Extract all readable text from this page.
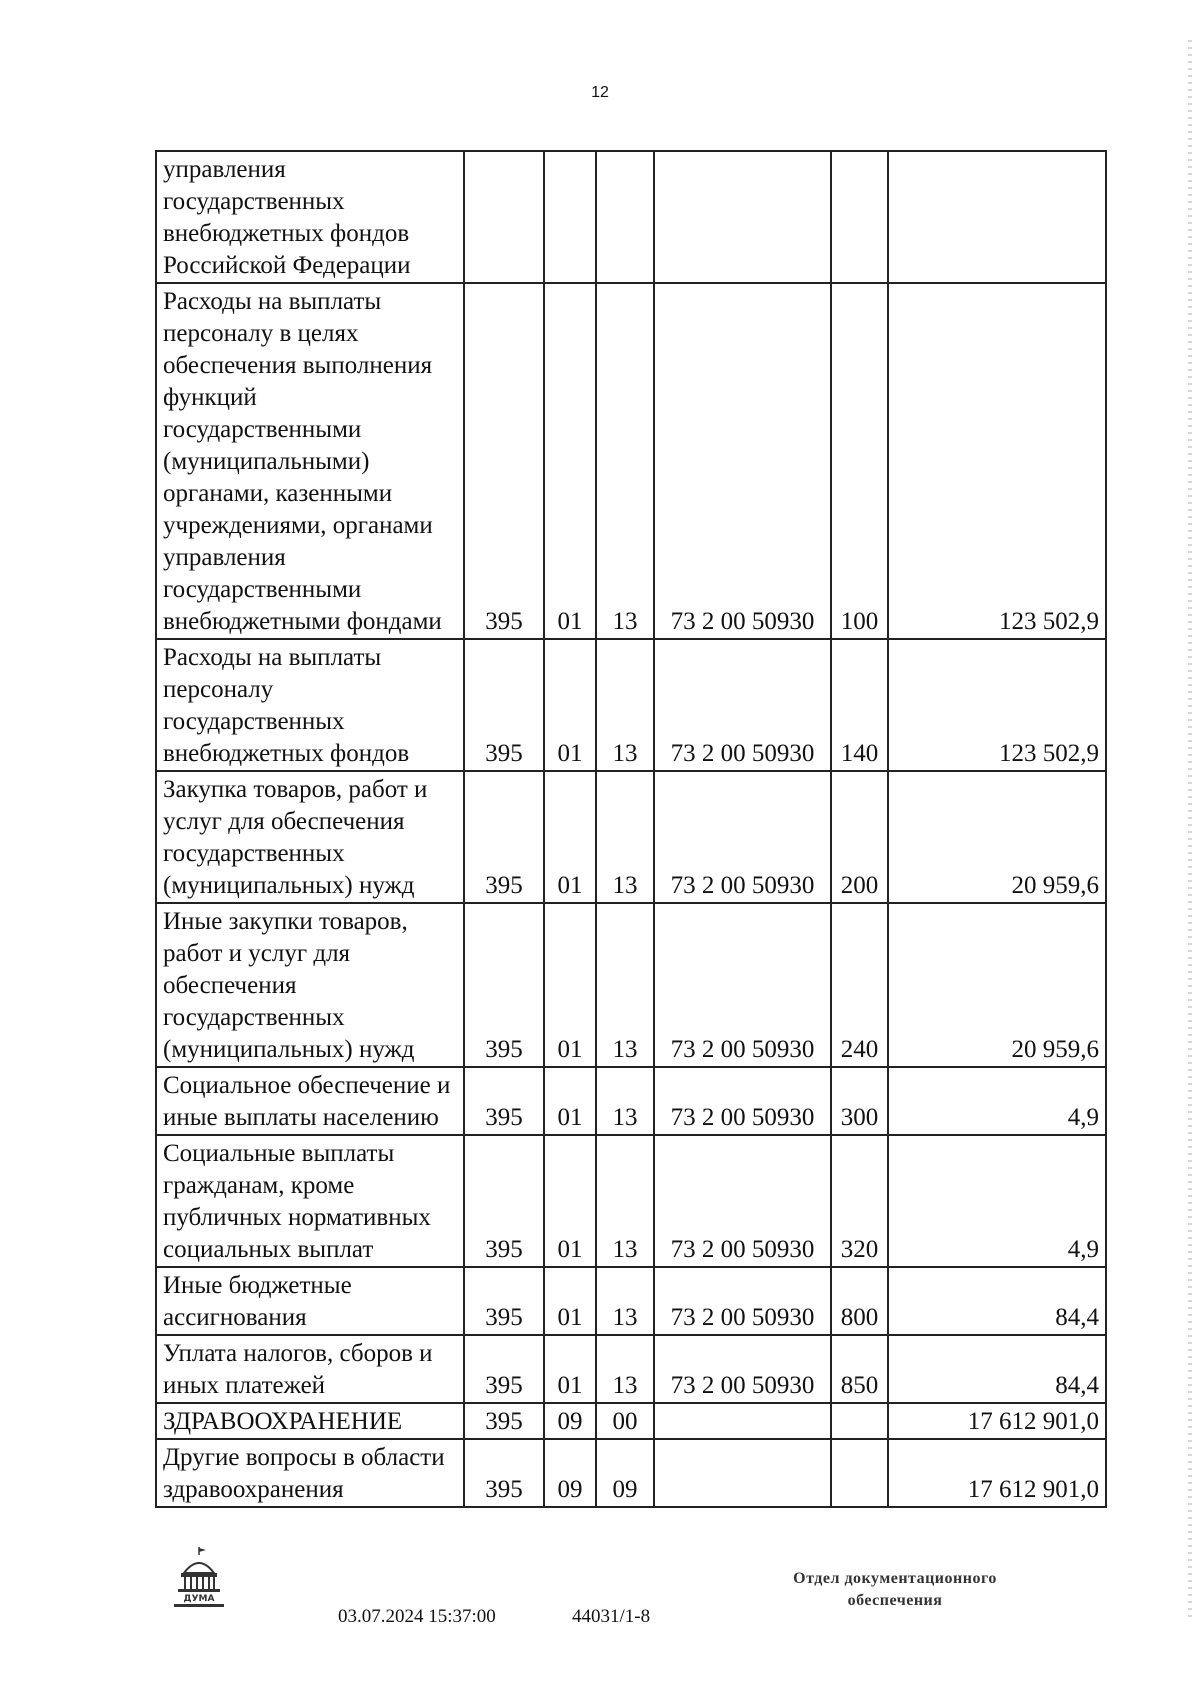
12
управления государственных внебюджетных фондов Российской Федерации						
Расходы на выплаты персоналу в целях обеспечения выполнения функций государственными (муниципальными) органами, казенными учреждениями, органами управления государственными внебюджетными фондами	395	01	13	73 2 00 50930	100	123 502,9
Расходы на выплаты персоналу государственных внебюджетных фондов	395	01	13	73 2 00 50930	140	123 502,9
Закупка товаров, работ и услуг для обеспечения государственных (муниципальных) нужд	395	01	13	73 2 00 50930	200	20 959,6
Иные закупки товаров, работ и услуг для обеспечения государственных (муниципальных) нужд	395	01	13	73 2 00 50930	240	20 959,6
Социальное обеспечение и иные выплаты населению	395	01	13	73 2 00 50930	300	4,9
Социальные выплаты гражданам, кроме публичных нормативных социальных выплат	395	01	13	73 2 00 50930	320	4,9
Иные бюджетные ассигнования	395	01	13	73 2 00 50930	800	84,4
Уплата налогов, сборов и иных платежей	395	01	13	73 2 00 50930	850	84,4
ЗДРАВООХРАНЕНИЕ	395	09	00			17 612 901,0
Другие вопросы в области здравоохранения	395	09	09			17 612 901,0
ДУМА
03.07.2024 15:37:00	44031/1-8
Отдел документационного обеспечения
